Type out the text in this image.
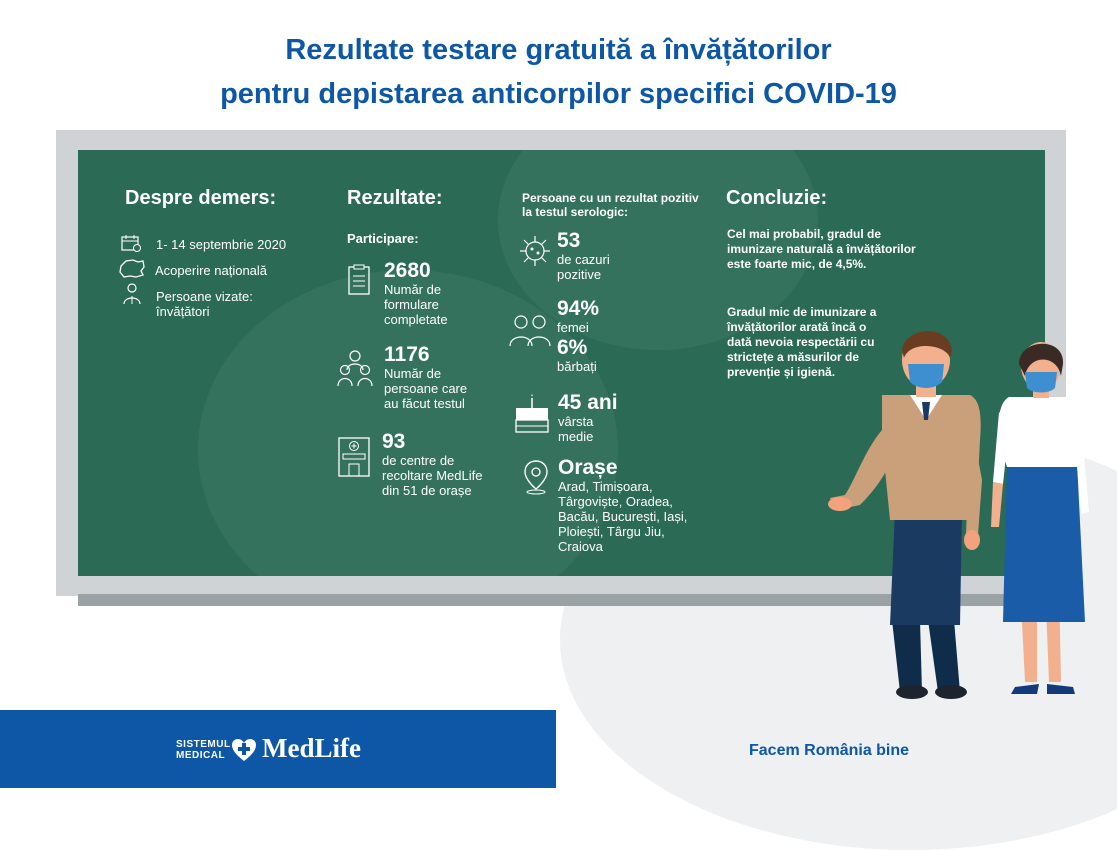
Rezultate testare gratuită a învățătorilor
pentru depistarea anticorpilor specifici COVID-19
Despre demers:
1- 14 septembrie 2020
Acoperire națională
Persoane vizate: învățători
Rezultate:
Participare:
2680
Număr de formulare completate
1176
Număr de persoane care au făcut testul
93
de centre de recoltare MedLife din 51 de orașe
Persoane cu un rezultat pozitiv la testul serologic:
53
de cazuri pozitive
94%
femei
6%
bărbați
45 ani
vârsta medie
Orașe
Arad, Timișoara, Târgoviște, Oradea, Bacău, București, Iași, Ploiești, Târgu Jiu, Craiova
Concluzie:
Cel mai probabil, gradul de imunizare naturală a învățătorilor este foarte mic, de 4,5%.
Gradul mic de imunizare a învățătorilor arată încă o dată nevoia respectării cu strictețe a măsurilor de prevenție și igienă.
SISTEMUL
MEDICAL MedLife	Facem România bine
